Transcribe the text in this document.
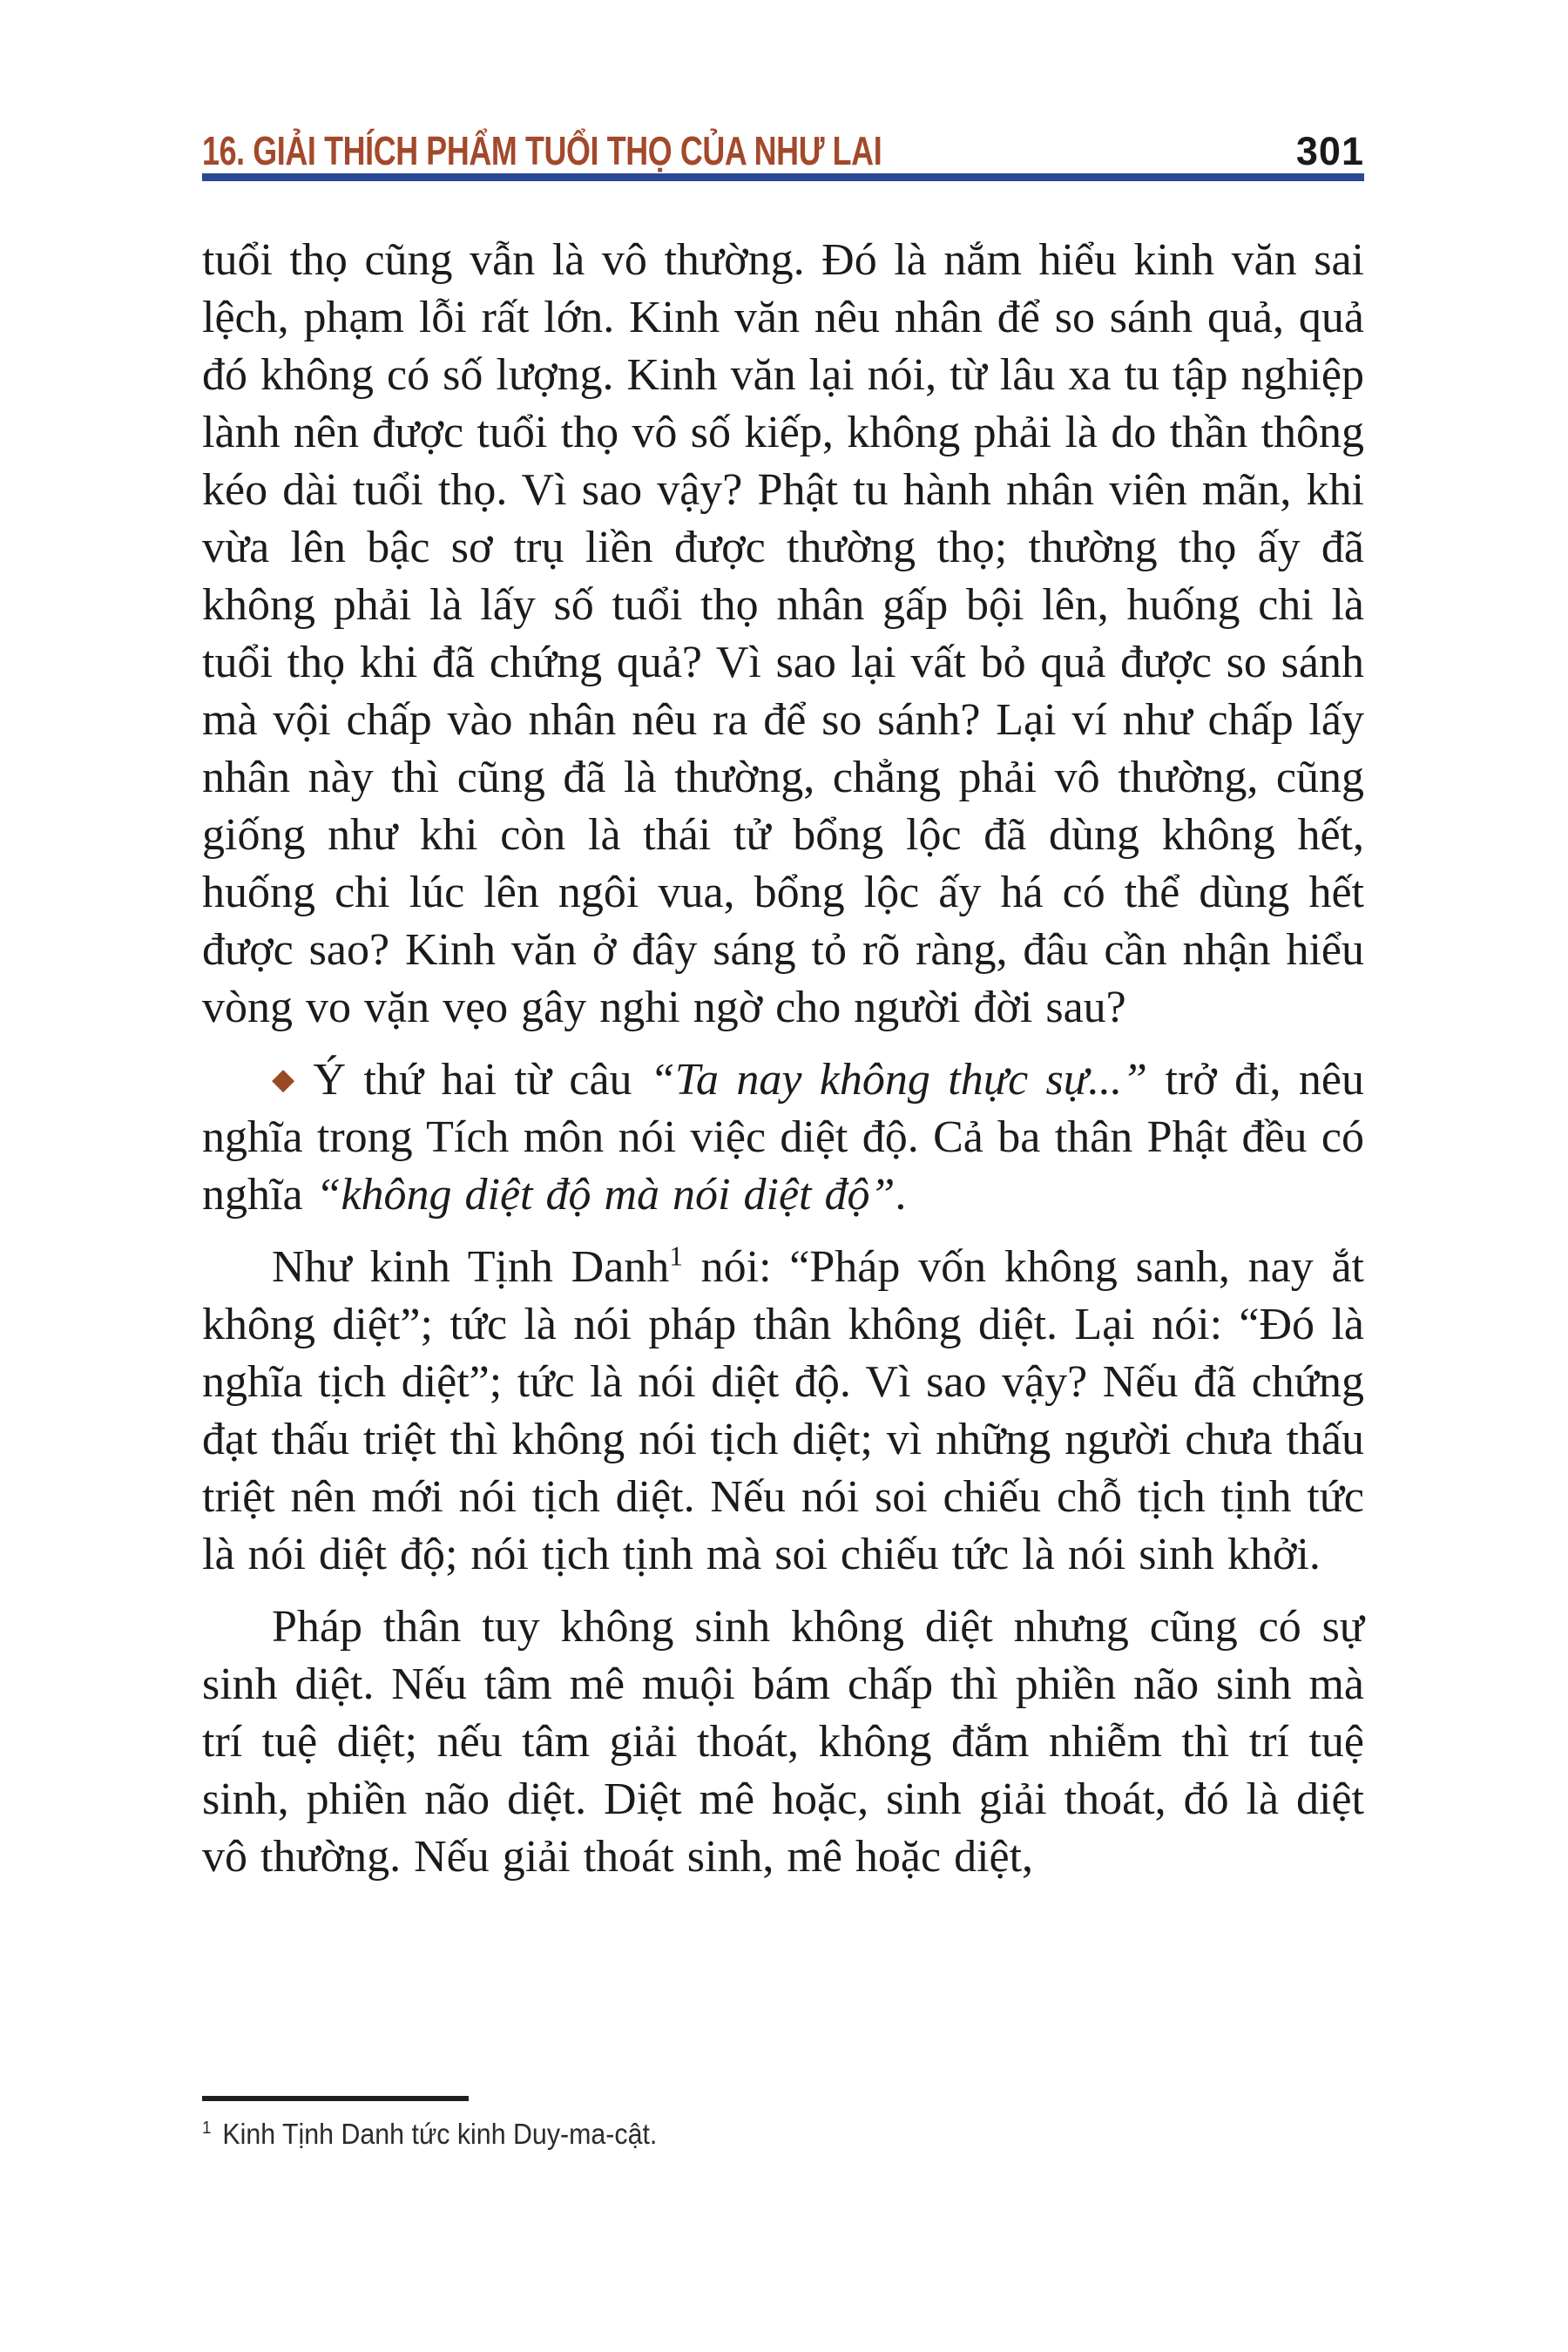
16. GIẢI THÍCH PHẨM TUỔI THỌ CỦA NHƯ LAI	301

tuổi thọ cũng vẫn là vô thường. Đó là nắm hiểu kinh văn sai lệch, phạm lỗi rất lớn. Kinh văn nêu nhân để so sánh quả, quả đó không có số lượng. Kinh văn lại nói, từ lâu xa tu tập nghiệp lành nên được tuổi thọ vô số kiếp, không phải là do thần thông kéo dài tuổi thọ. Vì sao vậy? Phật tu hành nhân viên mãn, khi vừa lên bậc sơ trụ liền được thường thọ; thường thọ ấy đã không phải là lấy số tuổi thọ nhân gấp bội lên, huống chi là tuổi thọ khi đã chứng quả? Vì sao lại vất bỏ quả được so sánh mà vội chấp vào nhân nêu ra để so sánh? Lại ví như chấp lấy nhân này thì cũng đã là thường, chẳng phải vô thường, cũng giống như khi còn là thái tử bổng lộc đã dùng không hết, huống chi lúc lên ngôi vua, bổng lộc ấy há có thể dùng hết được sao? Kinh văn ở đây sáng tỏ rõ ràng, đâu cần nhận hiểu vòng vo vặn vẹo gây nghi ngờ cho người đời sau?

◆ Ý thứ hai từ câu “Ta nay không thực sự...” trở đi, nêu nghĩa trong Tích môn nói việc diệt độ. Cả ba thân Phật đều có nghĩa “không diệt độ mà nói diệt độ”.

Như kinh Tịnh Danh$^1$ nói: “Pháp vốn không sanh, nay ắt không diệt”; tức là nói pháp thân không diệt. Lại nói: “Đó là nghĩa tịch diệt”; tức là nói diệt độ. Vì sao vậy? Nếu đã chứng đạt thấu triệt thì không nói tịch diệt; vì những người chưa thấu triệt nên mới nói tịch diệt. Nếu nói soi chiếu chỗ tịch tịnh tức là nói diệt độ; nói tịch tịnh mà soi chiếu tức là nói sinh khởi.

Pháp thân tuy không sinh không diệt nhưng cũng có sự sinh diệt. Nếu tâm mê muội bám chấp thì phiền não sinh mà trí tuệ diệt; nếu tâm giải thoát, không đắm nhiễm thì trí tuệ sinh, phiền não diệt. Diệt mê hoặc, sinh giải thoát, đó là diệt vô thường. Nếu giải thoát sinh, mê hoặc diệt,

$^1$ Kinh Tịnh Danh tức kinh Duy-ma-cật.
